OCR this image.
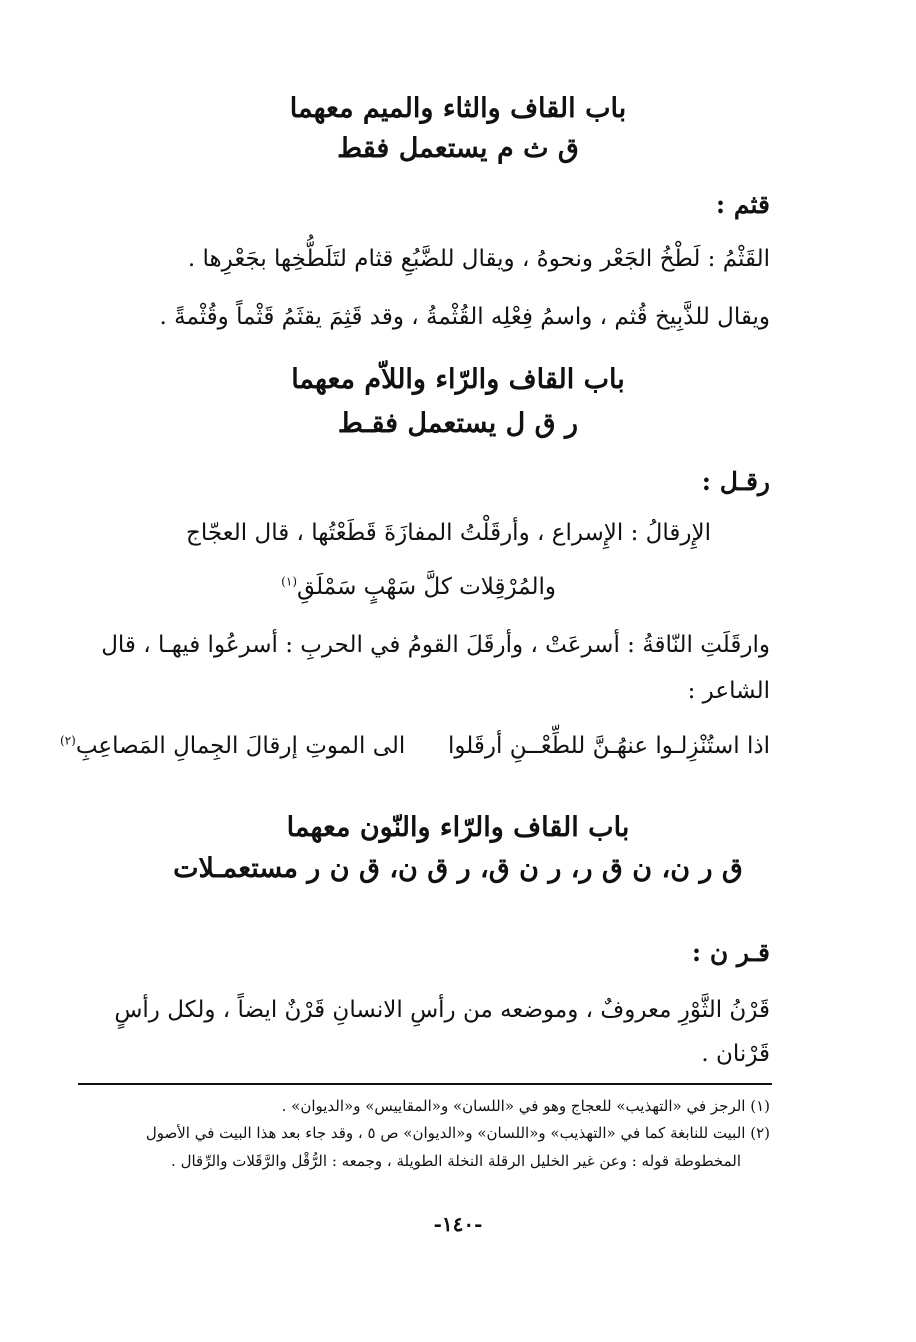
باب القاف والثاء والميم معهما
ق ث م يستعمل فقط
قثم :
القَثْمُ : لَطْخُ الجَعْر ونحوهُ ، ويقال للضَّبُعِ قثام لتَلَطُّخِها بجَعْرِها .
ويقال للذَّبِيخ قُثم ، واسمُ فِعْلِه القُثْمةُ ، وقد قَثِمَ يقثَمُ قَثْماً وقُثْمةً .
باب القاف والرّاء واللاّم معهما
ر ق ل يستعمل فقـط
رقـل :
الإِرقالُ : الإِسراع ، وأرقَلْتُ المفازَةَ قَطَعْتُها ، قال العجّاج
والمُرْقِلات كلَّ سَهْبٍ سَمْلَقِ$^{(١)}$
وارقَلَتِ النّاقةُ : أسرعَتْ ، وأرقَلَ القومُ في الحربِ : أسرعُوا فيهـا ، قال
الشاعر :
اذا استُنْزِلـوا عنهُـنَّ للطِّعْــنِ أرقَلوا
الى الموتِ إرقالَ الجِمالِ المَصاعِبِ$^{(٢)}$
باب القاف والرّاء والنّون معهما
ق ر ن، ن ق ر، ر ن ق، ر ق ن، ق ن ر مستعمـلات
قـر ن :
قَرْنُ الثَّوْرِ معروفٌ ، وموضعه من رأسِ الانسانِ قَرْنٌ ايضاً ، ولكل رأسٍ
قَرْنان .
(١) الرجز في «التهذيب» للعجاج وهو في «اللسان» و«المقاييس» و«الديوان» .
(٢) البيت للنابغة كما في «التهذيب» و«اللسان» و«الديوان» ص ٥ ، وقد جاء بعد هذا البيت في الأصول
المخطوطة قوله : وعن غير الخليل الرقلة النخلة الطويلة ، وجمعه : الرُّقْل والرَّقَلات والرِّقال .
-١٤٠-
